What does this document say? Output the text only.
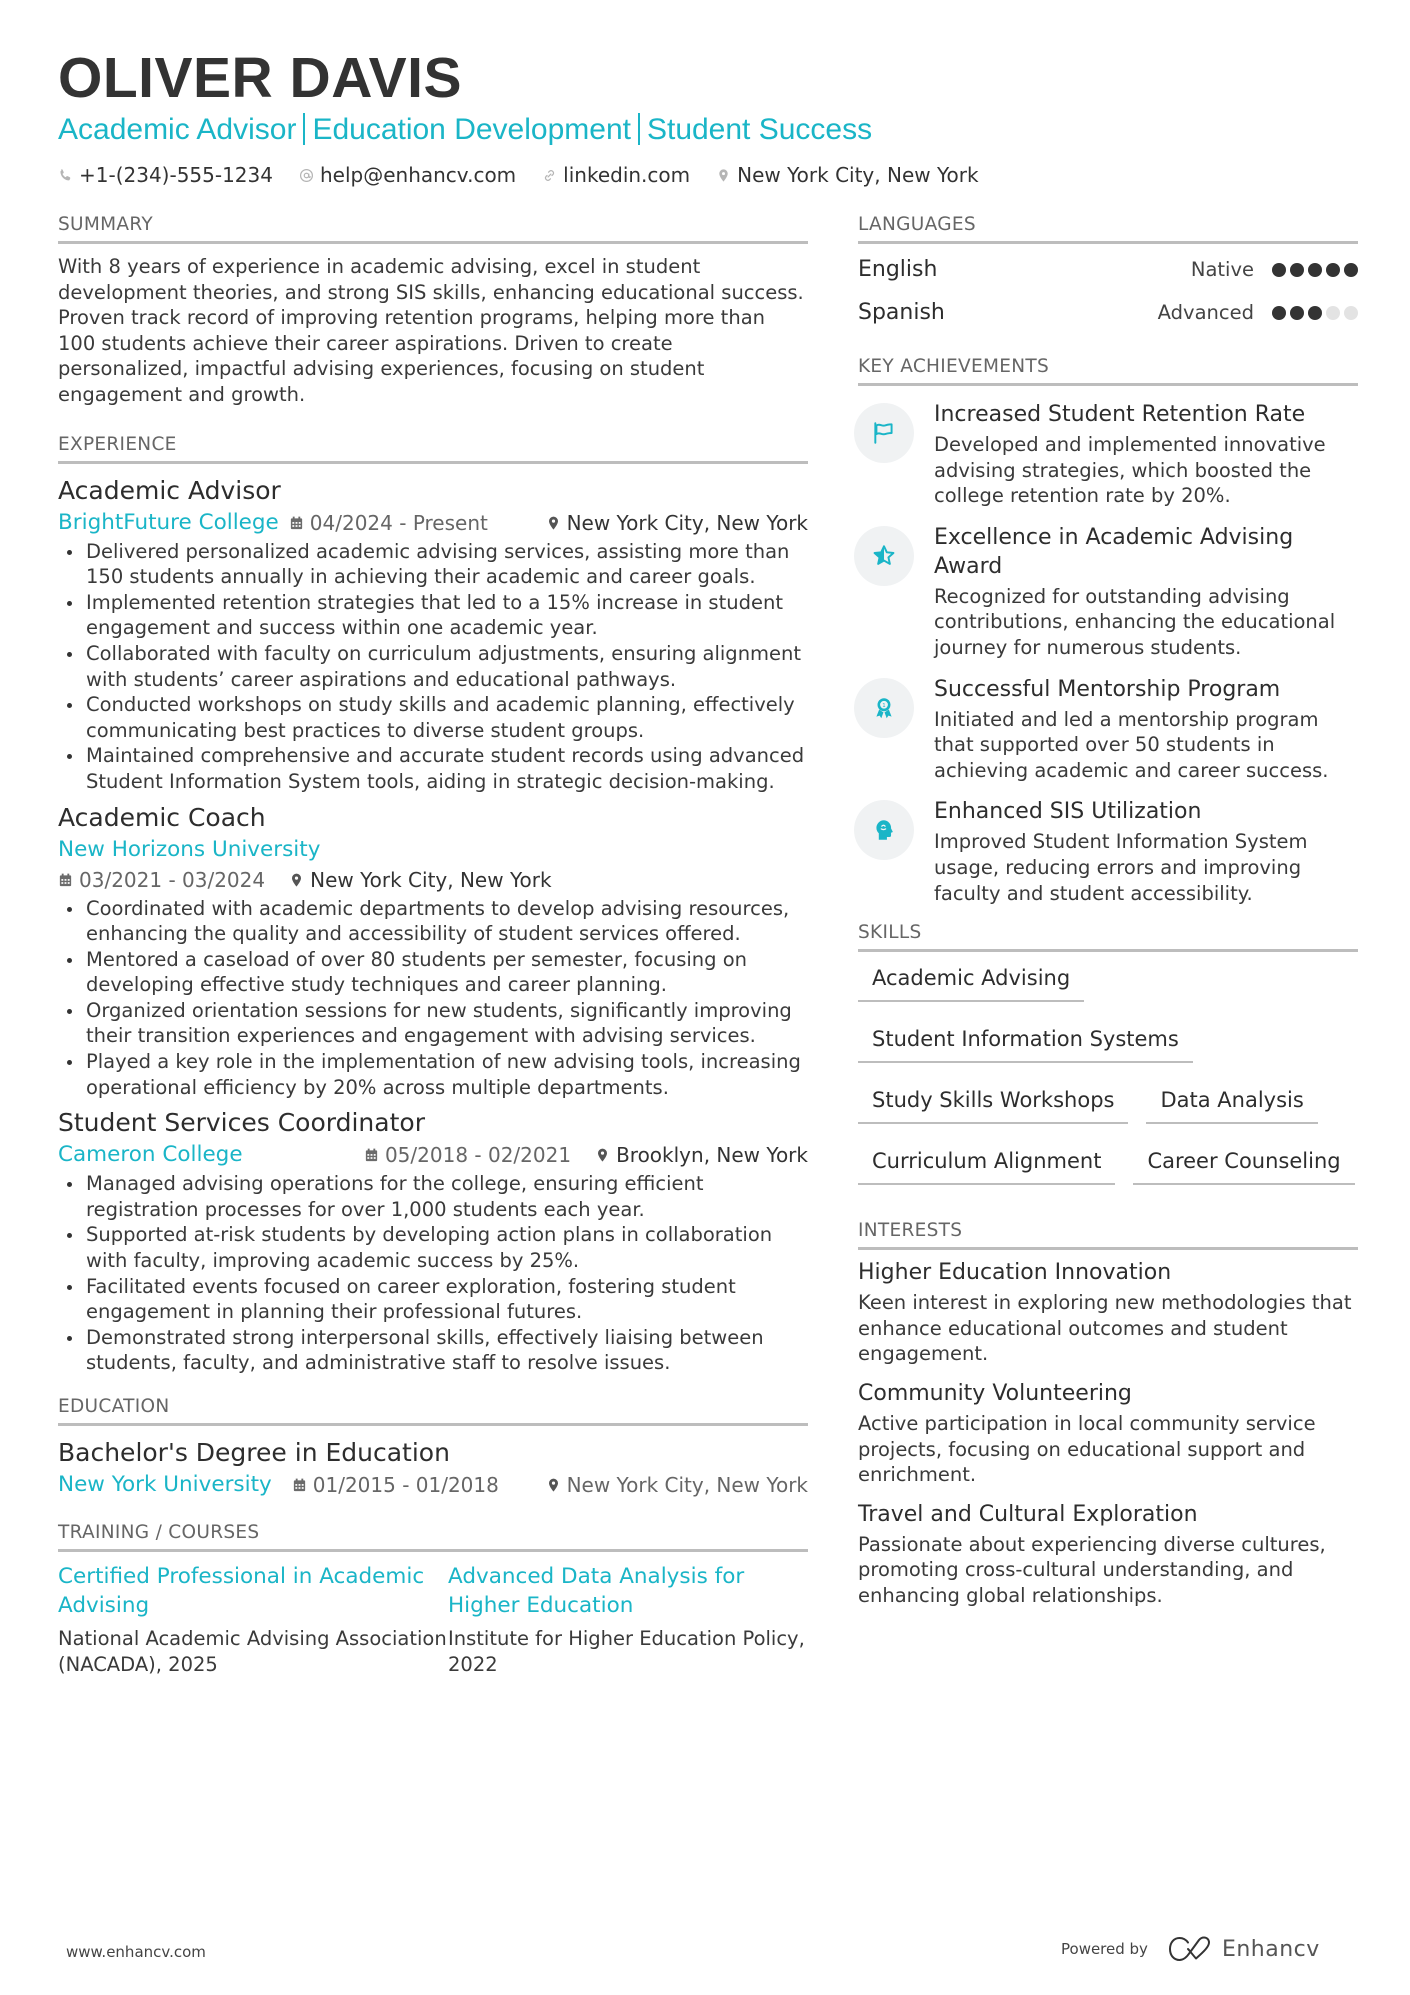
OLIVER DAVIS
Academic Advisor Education Development Student Success
+1-(234)-555-1234 help@enhancv.com linkedin.com New York City, New York
SUMMARY
With 8 years of experience in academic advising, excel in student development theories, and strong SIS skills, enhancing educational success. Proven track record of improving retention programs, helping more than 100 students achieve their career aspirations. Driven to create personalized, impactful advising experiences, focusing on student engagement and growth.
EXPERIENCE
Academic Advisor
BrightFuture College 04/2024 - Present	New York City, New York
Delivered personalized academic advising services, assisting more than 150 students annually in achieving their academic and career goals.
Implemented retention strategies that led to a 15% increase in student engagement and success within one academic year.
Collaborated with faculty on curriculum adjustments, ensuring alignment with students’ career aspirations and educational pathways.
Conducted workshops on study skills and academic planning, effectively communicating best practices to diverse student groups.
Maintained comprehensive and accurate student records using advanced Student Information System tools, aiding in strategic decision-making.
Academic Coach
New Horizons University
03/2021 - 03/2024 New York City, New York
Coordinated with academic departments to develop advising resources, enhancing the quality and accessibility of student services offered.
Mentored a caseload of over 80 students per semester, focusing on developing effective study techniques and career planning.
Organized orientation sessions for new students, significantly improving their transition experiences and engagement with advising services.
Played a key role in the implementation of new advising tools, increasing operational efficiency by 20% across multiple departments.
Student Services Coordinator
Cameron College	05/2018 - 02/2021 Brooklyn, New York
Managed advising operations for the college, ensuring efficient registration processes for over 1,000 students each year.
Supported at-risk students by developing action plans in collaboration with faculty, improving academic success by 25%.
Facilitated events focused on career exploration, fostering student engagement in planning their professional futures.
Demonstrated strong interpersonal skills, effectively liaising between students, faculty, and administrative staff to resolve issues.
EDUCATION
Bachelor's Degree in Education
New York University 01/2015 - 01/2018	New York City, New York
TRAINING / COURSES
Certified Professional in Academic Advising
National Academic Advising Association (NACADA), 2025
Advanced Data Analysis for Higher Education
Institute for Higher Education Policy, 2022
LANGUAGES
English	Native
Spanish	Advanced
KEY ACHIEVEMENTS
Increased Student Retention Rate
Developed and implemented innovative advising strategies, which boosted the college retention rate by 20%.
Excellence in Academic Advising Award
Recognized for outstanding advising contributions, enhancing the educational journey for numerous students.
1
Successful Mentorship Program
Initiated and led a mentorship program that supported over 50 students in achieving academic and career success.
Enhanced SIS Utilization
Improved Student Information System usage, reducing errors and improving faculty and student accessibility.
SKILLS
Academic Advising
Student Information Systems
Study Skills Workshops	Data Analysis
Curriculum Alignment	Career Counseling
INTERESTS
Higher Education Innovation
Keen interest in exploring new methodologies that enhance educational outcomes and student engagement.
Community Volunteering
Active participation in local community service projects, focusing on educational support and enrichment.
Travel and Cultural Exploration
Passionate about experiencing diverse cultures, promoting cross-cultural understanding, and enhancing global relationships.
www.enhancv.com	Powered by	Enhancv
